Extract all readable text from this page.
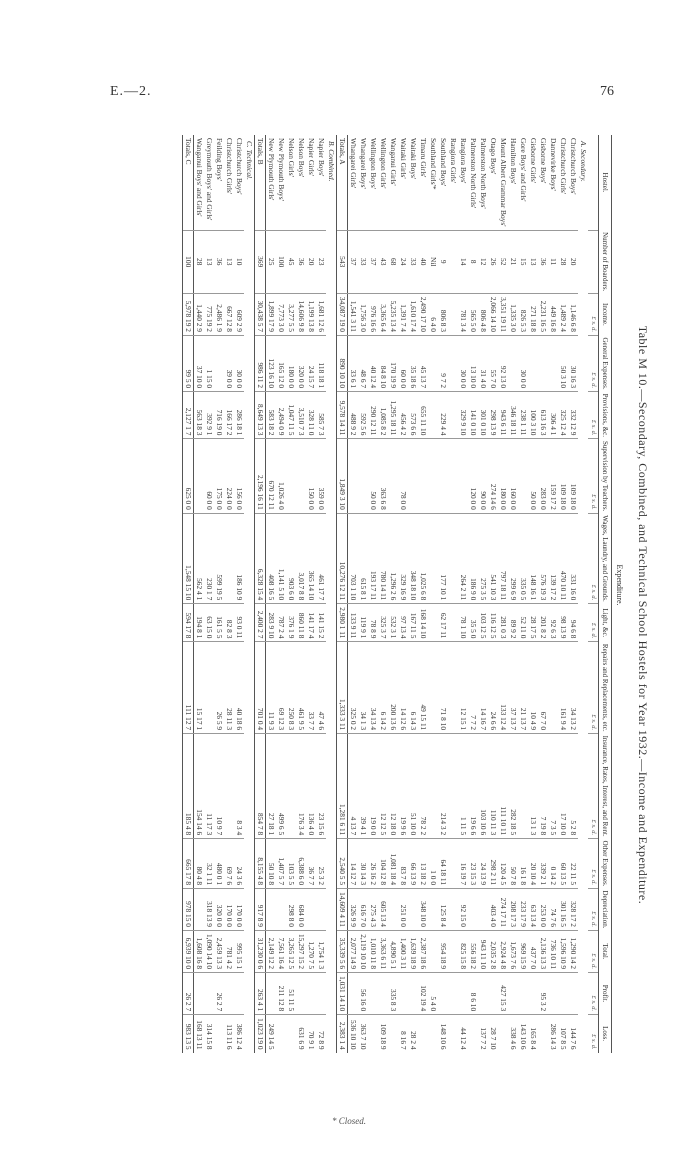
E.—2.	76
Table M 10.—Secondary, Combined, and Technical School Hostels for Year 1932.—Income and Expenditure.
Expenditure.
Hostel.	Number of Boarders.	Income.	General Expenses.	Provisions, &c.	Supervision by Teachers.	Wages, Laundry, and Grounds.	Light, &c.	Repairs and Replacements, etc.	Insurance, Rates, Interest, and Rent.	Other Expenses.	Depreciation.	Total.	Profit.	Loss.
		£ s. d.	£ s. d.	£ s. d.	£ s. d.	£ s. d.	£ s. d.	£ s. d.	£ s. d.	£ s. d.	£ s. d.	£ s. d.	£ s. d.	£ s. d.
A. Secondary.														
Christchurch Boys'	20	1,146 6 8	30 16 3	332 12 9	109 18 0	331 16 0	94 6 8	34 13 2	5 2 8	22 11 5	328 17 2	1,290 14 2		144 7 6
Christchurch Girls'	28	1,489 2 4	50 3 10	325 12 4	109 18 0	470 10 11	98 13 9	161 9 4	17 10 0	60 13 5	301 16 5	1,596 10 9		107 8 5
Dannevirke Boys'	11	449 16 8		306 4 1	159 17 2	139 17 2	92 6 3		7 3 5	0 14 2	74 7 6	736 10 11		286 14 3
Gisborne Boys'	36	2,231 16 5		613 16 3	283 0 0	576 19 3	201 8 2	67 7 0	7 19 8	339 2 1	253 0 0	2,136 13 3	95 3 2	
Gisborne Girls'	13	271 18 8		100 3 10	50 0 0	148 16 1	28 17 5	10 4 9	13 1 3	20 10 4	63 13 4	437 7 0		165 8 4
Gore Boys' and Girls'	15	826 5 3	30 0 0	238 1 11		335 0 5	52 11 0	21 13 7		16 1 8	233 17 9	969 15 9		143 10 6
Hamilton Boys'	21	1,335 3 0		346 18 11	160 0 0	299 6 9	89 9 2	37 13 7	282 18 5	50 7 8	208 17 3	1,673 7 6		338 4 6
Mount Albert Grammar Boys'	52	3,351 19 11	92 13 0	943 6 11	180 0 0	797 18 11	281 0 3	133 12 4	111 10 11	120 4 5	274 17 11	2,924 4 8	427 15 3	
Otago Boys'	26	2,066 14 10	55 7 0	298 13 9	274 14 6	541 10 3	116 12 5	24 6 6	110 11 3	298 2 11	403 4 0	2,035 2 8		28 7 10
Palmerston North Boys'	12	806 4 8	31 4 0	301 0 10	90 0 0	275 3 5	103 12 5	14 16 7	103 10 6	24 13 9		943 11 10		137 7 2
Palmerston North Girls'	8	565 5 0	13 10 0	141 0 10	120 0 0	186 9 0	35 5 0	7 7 2	19 6 6	23 15 3		556 18 2	8 6 10	
Rangiora Boys'	14	781 3 4	30 0 0	329 9 10		264 2 11	78 1 10	12 15 1	1 11 5	16 19 7	92 15 0	825 15 8		44 12 4
Rangiora Girls'														
Southland Boys'	9	806 8 3	9 7 2	229 4 4		177 10 1	62 17 11	71 8 10	214 3 2	64 18 11	125 8 4	954 18 9		148 10 6
Southland Girls'*	Nil	6 4 0								1 0 0			5 4 0	
Timaru Girls'	40	2,490 17 10	45 13 7	655 11 10		1,025 6 8	168 14 10	49 15 11	78 2 2	13 18 2	348 10 0	2,387 18 6	102 19 4	
Waitaki Boys'	33	1,610 17 4	35 18 6	573 6 6		348 18 10	167 11 5	6 14 3	51 10 0	66 13 9		1,639 18 9		28 2 4
Waitaki Girls'	24	1,391 7 4	60 0 0	456 4 2	78 0 0	329 16 9	97 13 4	14 12 6	19 9 6	83 7 8	251 0 0	1,400 3 11		8 16 7
Wanganui Girls'	68	5,235 13 4	170 19 9	1,295 18 11		1,296 2 6	532 3 1	200 13 6	12 18 0	1,081 18 4		4,890 5 1	335 8 3	
Wellington Girls'	43	3,365 6 4	84 8 10	1,085 8 2	363 6 8	780 14 11	325 3 7	6 14 2	12 12 5	104 12 8	605 13 4	3,363 6 11		109 18 9
Wellington Boys'	37	976 16 6	40 12 4	290 12 11	50 0 0	193 17 11	78 8 9	34 13 4	19 0 0	26 16 2	275 4 3	1,010 11 8		
Whangarei Boys'	33	1,756 3 0	48 6 7	592 5 6		615 8 1	119 9 1	34 1 3	39 4 1	30 14 3	616 7 0	2,119 10 10	56 16 0	363 7 10
Whangarei Girls'	37	1,541 3 11	33 6 1	488 9 2		703 1 10	133 9 11	325 0 2	4 13 7	14 12 7	326 9 9	2,077 14 9		536 10 10
Totals, A	543	34,087 19 0	890 10 10	9,578 14 11	1,849 3 10	10,276 12 11	2,980 1 11	1,333 3 11	1,281 6 11	2,540 5 5	14,609 4 11	35,339 5 6	1,031 14 10	2,383 1 4
B. Combined.														
Napier Boys'	23	1,681 12 6	118 18 1	585 7 3	359 0 0	461 17 7	141 15 2	47 4 6	23 15 6	25 3 2		1,754 1 3		72 8 9
Napier Girls'	20	1,199 13 8	24 15 7	328 11 0	150 0 0	365 14 10	141 17 4	33 7 7	136 4 0	36 7 7		1,270 7 5		70 9 1
Nelson Boys'	36	14,606 9 8	320 0 0	3,510 7 3		3,017 8 8	860 11 8	461 9 5	176 3 4	6,388 6 0	684 0 0	15,297 15 2		631 6 9
Nelson Girls'	45	3,277 5 5	180 0 0	1,047 11 5		903 6 0	376 1 9	250 8 3		103 5 5	298 8 0	3,265 12 5	51 11 5	
New Plymouth Boys'	100	7,773 3 0	165 12 0	2,494 0 9	1,026 4 0	1,141 5 10	787 2 4	69 12 3	499 6 5	1,407 5 7		7,561 16 4	211 12 8	
New Plymouth Girls'	25	1,899 17 9	123 16 10	583 18 2	670 12 11	408 16 5	283 9 10	11 9 3	27 18 1	50 10 8		2,149 12 2		249 14 5
Totals, B	369	30,438 5 7	986 11 2	8,649 13 3	2,196 16 11	6,328 15 4	2,400 2 7	701 0 4	854 7 8	8,155 4 8	917 8 9	31,230 0 6	263 4 1	1,023 19 0
C. Technical.														
Christchurch Boys'	10	609 2 9	30 0 0	286 18 1	156 0 0	186 10 9	93 0 11	40 18 6	8 3 4	24 3 6	170 0 0	995 15 1		386 12 4
Christchurch Girls'	13	667 12 8	39 0 0	166 17 2	224 0 0		82 8 3	28 11 3		69 7 6	170 0 0	781 4 2		113 11 6
Feilding Boys'	36	2,486 1 9		716 19 0	175 0 0	599 19 5	161 5 5	26 5 9	10 9 7	480 0 1	320 0 0	2,459 13 3	26 2 7	
Greymouth Boys' and Girls'	13	775 19 2	1 15 0	392 9 1	60 0 0	230 1 7	63 15 0		11 17 3	32 1 11	318 13 9	1,090 14 10		314 15 8
Wanganui Boys' and Girls'	28	1,440 2 9	37 10 0	563 18 3		562 4 1	194 8 1	15 17 1	154 14 6	80 4 8		1,608 16 8		168 13 11
Totals, C	100	5,978 19 2	99 5 0	2,127 1 7	625 0 0	1,548 15 10	594 17 8	111 12 7	185 4 8	665 17 8	978 15 0	6,939 10 0	26 2 7	983 13 5
* Closed.
